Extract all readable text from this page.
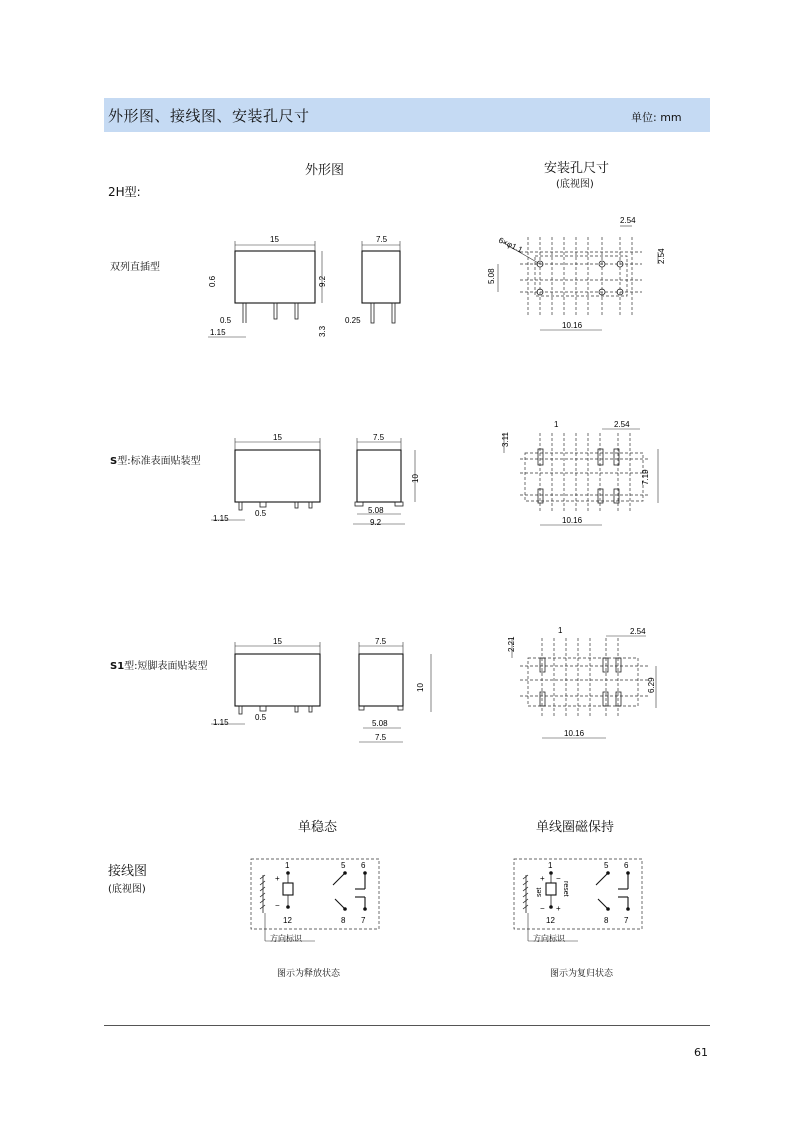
外形图、接线图、安装孔尺寸	单位: mm
外形图	安装孔尺寸
(底视图)
2H型:
双列直插型
S型:标准表面贴装型
S1型:短脚表面贴装型
15
0.6	9.2
0.5
1.15	3.3
7.5
0.25
2.54
6×φ1.1
2.54
5.08
10.16
15
1.15
0.5
7.5
10
5.08
9.2
3.11
1	2.54
7.19
10.16
15
1.15
0.5
7.5
10
5.08
7.5
2.21
1	2.54
6.29
10.16
单稳态	单线圈磁保持
接线图
(底视图)
1
+
−
12
5 6
8 7
方向标识
图示为释放状态
1
+ −
set	reset
− +
12
5 6
8 7
方向标识
图示为复归状态
61
